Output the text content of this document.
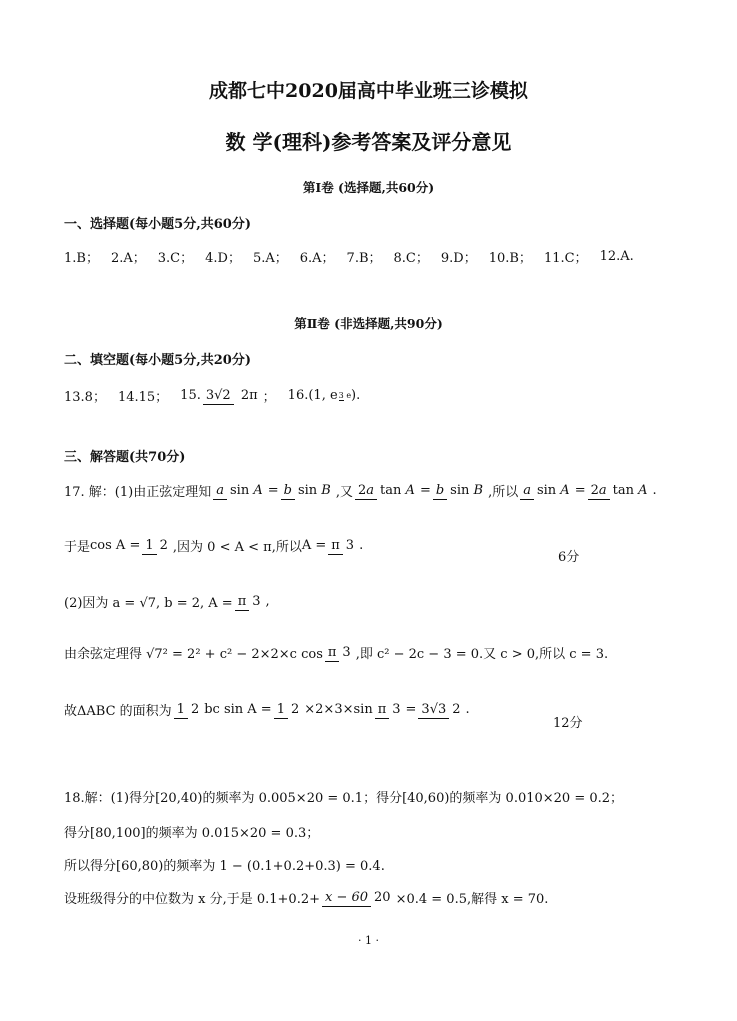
成都七中2020届高中毕业班三诊模拟
数 学(理科)参考答案及评分意见
第Ⅰ卷 (选择题,共60分)
一、选择题(每小题5分,共60分)
1.B； 2.A； 3.C； 4.D； 5.A； 6.A； 7.B； 8.C； 9.D； 10.B； 11.C； 12.A.
第Ⅱ卷 (非选择题,共90分)
二、填空题(每小题5分,共20分)
13.8； 14.15； 15. 3√2 2π ； 16. (1, e 3 e ).
三、解答题(共70分)
17. 解：(1)由正弦定理知 a sin A = b sin B ,又 2a tan A = b sin B ,所以 a sin A = 2a tan A .
于是 cos A = 1 2 ,因为 0 < A < π,所以 A = π 3 .
6分
(2)因为 a = √7, b = 2, A = π 3 ,
由余弦定理得 √7² = 2² + c² − 2×2×c cos π 3 ,即 c² − 2c − 3 = 0.又 c > 0,所以 c = 3.
故ΔABC 的面积为 1 2 bc sin A = 1 2 ×2×3×sin π 3 = 3√3 2 .
12分
18.解：(1)得分[20,40)的频率为 0.005×20 = 0.1；得分[40,60)的频率为 0.010×20 = 0.2；
得分[80,100]的频率为 0.015×20 = 0.3；
所以得分[60,80)的频率为 1 − (0.1+0.2+0.3) = 0.4.
设班级得分的中位数为 x 分,于是 0.1+0.2+ x − 60 20 ×0.4 = 0.5,解得 x = 70.
· 1 ·
